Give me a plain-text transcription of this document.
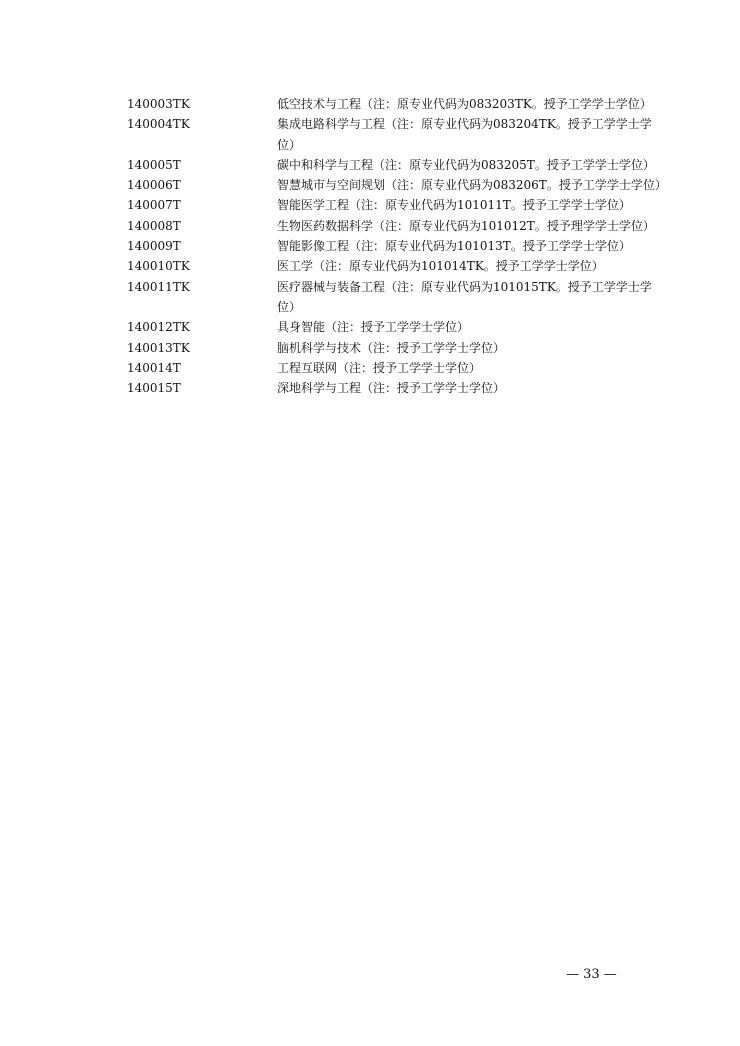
140003TK	低空技术与工程（注：原专业代码为083203TK。授予工学学士学位）
140004TK	集成电路科学与工程（注：原专业代码为083204TK。授予工学学士学位）
140005T	碳中和科学与工程（注：原专业代码为083205T。授予工学学士学位）
140006T	智慧城市与空间规划（注：原专业代码为083206T。授予工学学士学位）
140007T	智能医学工程（注：原专业代码为101011T。授予工学学士学位）
140008T	生物医药数据科学（注：原专业代码为101012T。授予理学学士学位）
140009T	智能影像工程（注：原专业代码为101013T。授予工学学士学位）
140010TK	医工学（注：原专业代码为101014TK。授予工学学士学位）
140011TK	医疗器械与装备工程（注：原专业代码为101015TK。授予工学学士学位）
140012TK	具身智能（注：授予工学学士学位）
140013TK	脑机科学与技术（注：授予工学学士学位）
140014T	工程互联网（注：授予工学学士学位）
140015T	深地科学与工程（注：授予工学学士学位）
— 33 —
